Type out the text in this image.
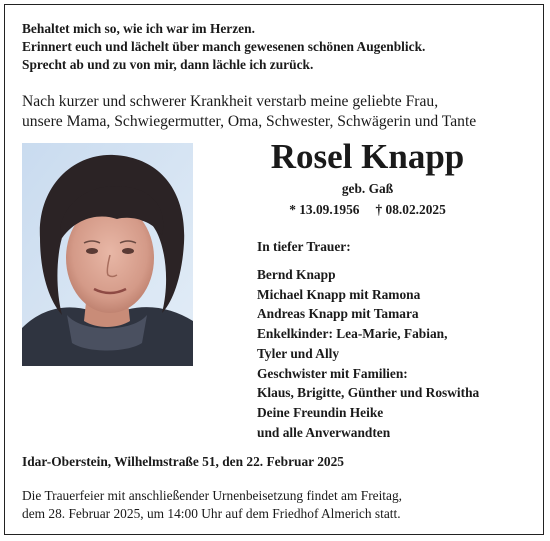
Behaltet mich so, wie ich war im Herzen.
Erinnert euch und lächelt über manch gewesenen schönen Augenblick.
Sprecht ab und zu von mir, dann lächle ich zurück.
Nach kurzer und schwerer Krankheit verstarb meine geliebte Frau,
unsere Mama, Schwiegermutter, Oma, Schwester, Schwägerin und Tante
Rosel Knapp
geb. Gaß
* 13.09.1956 † 08.02.2025
In tiefer Trauer:
Bernd Knapp
Michael Knapp mit Ramona
Andreas Knapp mit Tamara
Enkelkinder: Lea-Marie, Fabian,
Tyler und Ally
Geschwister mit Familien:
Klaus, Brigitte, Günther und Roswitha
Deine Freundin Heike
und alle Anverwandten
Idar-Oberstein, Wilhelmstraße 51, den 22. Februar 2025
Die Trauerfeier mit anschließender Urnenbeisetzung findet am Freitag,
dem 28. Februar 2025, um 14:00 Uhr auf dem Friedhof Almerich statt.
